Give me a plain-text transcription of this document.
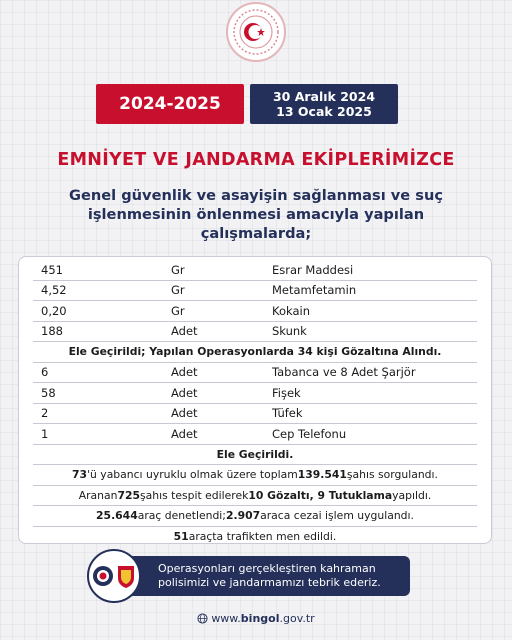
2024-2025	30 Aralık 2024
13 Ocak 2025
EMNİYET VE JANDARMA EKİPLERİMİZCE
Genel güvenlik ve asayişin sağlanması ve suç işlenmesinin önlenmesi amacıyla yapılan çalışmalarda;
451	Gr	Esrar Maddesi
4,52	Gr	Metamfetamin
0,20	Gr	Kokain
188	Adet	Skunk
Ele Geçirildi; Yapılan Operasyonlarda 34 kişi Gözaltına Alındı.
6	Adet	Tabanca ve 8 Adet Şarjör
58	Adet	Fişek
2	Adet	Tüfek
1	Adet	Cep Telefonu
Ele Geçirildi.
73 'ü yabancı uyruklu olmak üzere toplam 139.541 şahıs sorgulandı.
Aranan 725 şahıs tespit edilerek 10 Gözaltı, 9 Tutuklama yapıldı.
25.644 araç denetlendi; 2.907 araca cezai işlem uygulandı.
51 araçta trafikten men edildi.
Operasyonları gerçekleştiren kahraman
polisimizi ve jandarmamızı tebrik ederiz.
www.bingol.gov.tr
